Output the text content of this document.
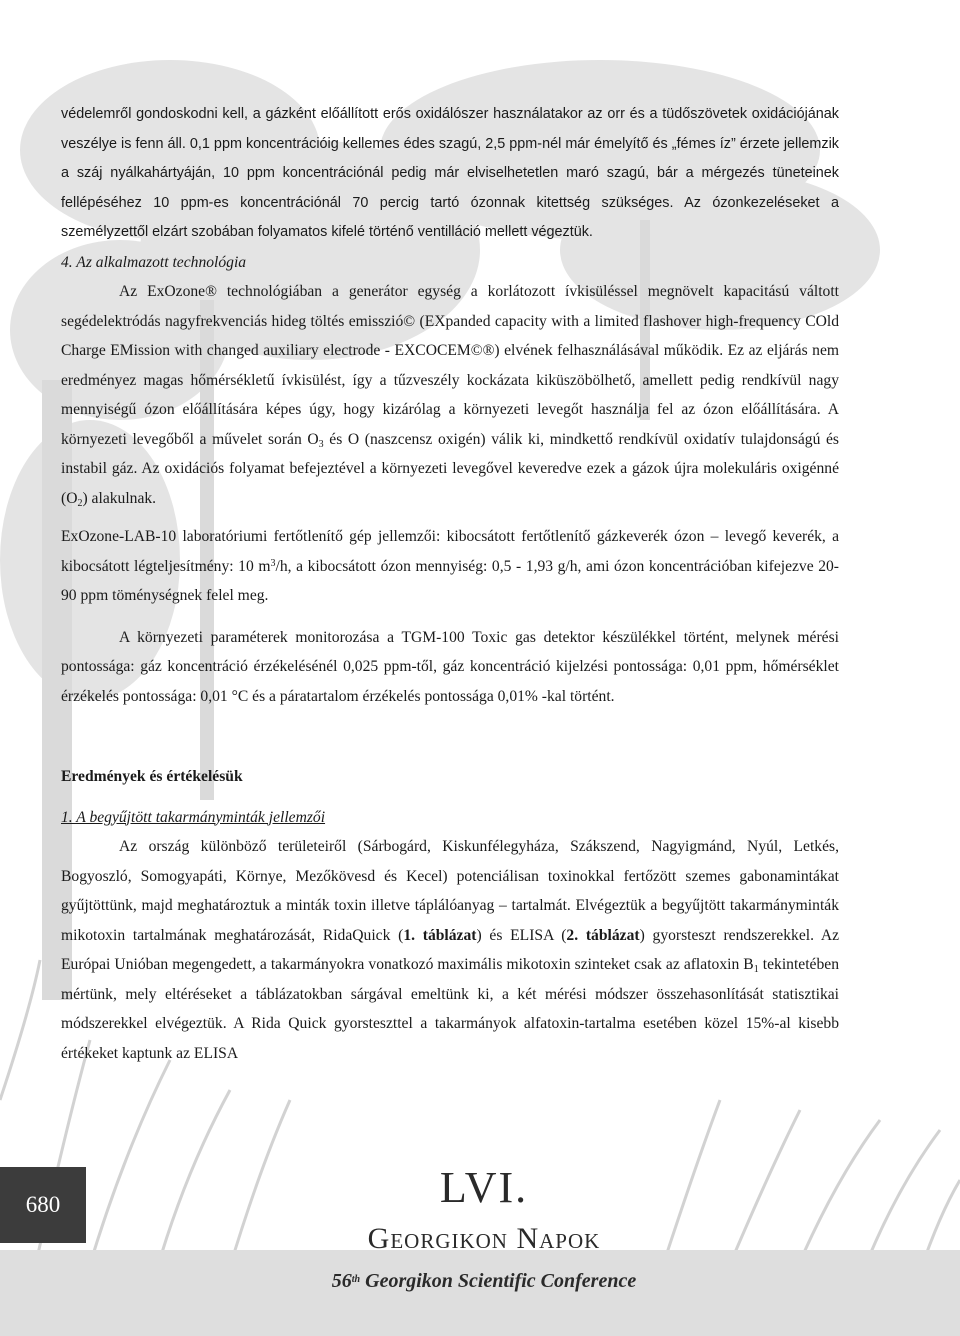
védelemről gondoskodni kell, a gázként előállított erős oxidálószer használatakor az orr és a tüdőszövetek oxidációjának veszélye is fenn áll. 0,1 ppm koncentrációig kellemes édes szagú, 2,5 ppm-nél már émelyítő és „fémes íz” érzete jellemzik a száj nyálkahártyáján, 10 ppm koncentrációnál pedig már elviselhetetlen maró szagú, bár a mérgezés tüneteinek fellépéséhez 10 ppm-es koncentrációnál 70 percig tartó ózonnak kitettség szükséges. Az ózonkezeléseket a személyzettől elzárt szobában folyamatos kifelé történő ventilláció mellett végeztük.

4. Az alkalmazott technológia

Az ExOzone® technológiában a generátor egység a korlátozott ívkisüléssel megnövelt kapacitású váltott segédelektródás nagyfrekvenciás hideg töltés emisszió© (EXpanded capacity with a limited flashover high-frequency COld Charge EMission with changed auxiliary electrode - EXCOCEM©®) elvének felhasználásával működik. Ez az eljárás nem eredményez magas hőmérsékletű ívkisülést, így a tűzveszély kockázata kiküszöbölhető, amellett pedig rendkívül nagy mennyiségű ózon előállítására képes úgy, hogy kizárólag a környezeti levegőt használja fel az ózon előállítására. A környezeti levegőből a művelet során $O_3$ és O (naszcensz oxigén) válik ki, mindkettő rendkívül oxidatív tulajdonságú és instabil gáz. Az oxidációs folyamat befejeztével a környezeti levegővel keveredve ezek a gázok újra molekuláris oxigénné $(O_2)$ alakulnak.

ExOzone-LAB-10 laboratóriumi fertőtlenítő gép jellemzői: kibocsátott fertőtlenítő gázkeverék ózon – levegő keverék, a kibocsátott légteljesítmény: 10 $m^3/h$, a kibocsátott ózon mennyiség: 0,5 - 1,93 g/h, ami ózon koncentrációban kifejezve 20-90 ppm töménységnek felel meg.

A környezeti paraméterek monitorozása a TGM-100 Toxic gas detektor készülékkel történt, melynek mérési pontossága: gáz koncentráció érzékelésénél 0,025 ppm-től, gáz koncentráció kijelzési pontossága: 0,01 ppm, hőmérséklet érzékelés pontossága: 0,01 °C és a páratartalom érzékelés pontossága 0,01% -kal történt.

Eredmények és értékelésük

1. A begyűjtött takarmányminták jellemzői

Az ország különböző területeiről (Sárbogárd, Kiskunfélegyháza, Szákszend, Nagyigmánd, Nyúl, Letkés, Bogyoszló, Somogyapáti, Környe, Mezőkövesd és Kecel) potenciálisan toxinokkal fertőzött szemes gabonamintákat gyűjtöttünk, majd meghatároztuk a minták toxin illetve táplálóanyag – tartalmát. Elvégeztük a begyűjtött takarmányminták mikotoxin tartalmának meghatározását, RidaQuick (1. táblázat) és ELISA (2. táblázat) gyorsteszt rendszerekkel. Az Európai Unióban megengedett, a takarmányokra vonatkozó maximális mikotoxin szinteket csak az aflatoxin $B_1$ tekintetében mértünk, mely eltéréseket a táblázatokban sárgával emeltünk ki, a két mérési módszer összehasonlítását statisztikai módszerekkel elvégeztük. A Rida Quick gyorsteszttel a takarmányok alfatoxin-tartalma esetében közel 15%-al kisebb értékeket kaptunk az ELISA

680	LVI.
Georgikon Napok
56th Georgikon Scientific Conference
